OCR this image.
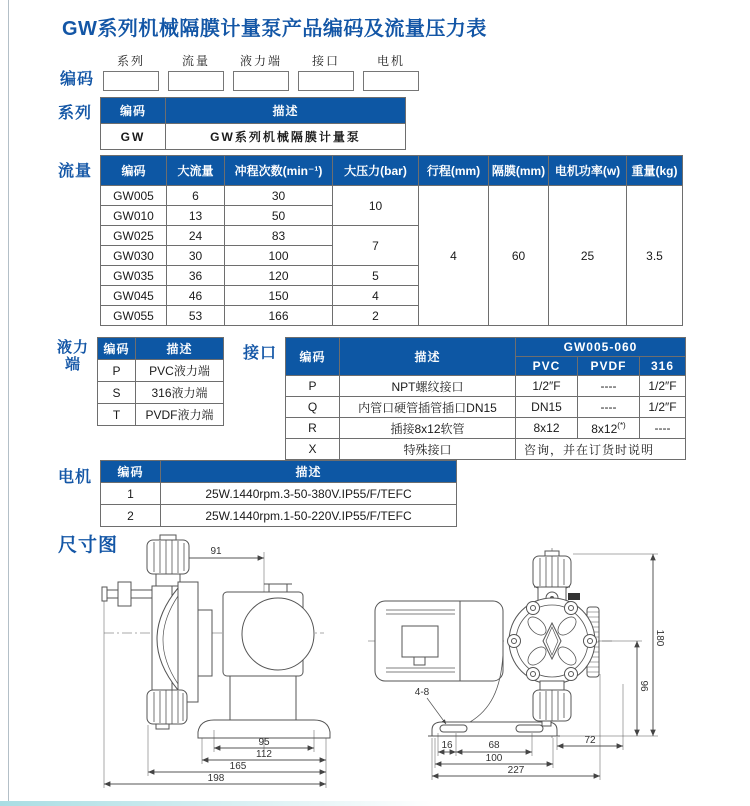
GW系列机械隔膜计量泵产品编码及流量压力表
编码
系列	流量 液力端 接口	电机
系列 编码	描述
GW	GW系列机械隔膜计量泵
流量 编码	大流量	冲程次数(min⁻¹)	大压力(bar)	行程(mm)	隔膜(mm)	电机功率(w)	重量(kg)
GW005	6	30	10	4	60	25	3.5
GW010	13	50					
GW025	24	83	7				
GW030	30	100					
GW035	36	120	5				
GW045	46	150	4				
GW055	53	166	2				
液力
端
编码	描述
P	PVC液力端
S	316液力端
T	PVDF液力端
接口 编码	描述	GW005-060		
		PVC	PVDF	316
P	NPT螺纹接口	1/2″F	----	1/2″F
Q	内管口硬管插管插口DN15	DN15	----	1/2″F
R	插接8x12软管	8x12	8x12(*)	----
X	特殊接口	咨询，并在订货时说明		
电机 编码	描述
1	25W.1440rpm.3-50-380V.IP55/F/TEFC
2	25W.1440rpm.1-50-220V.IP55/F/TEFC
尺寸图	91
95
112
165
198
4-8
16	68
100
227
72
96
180
